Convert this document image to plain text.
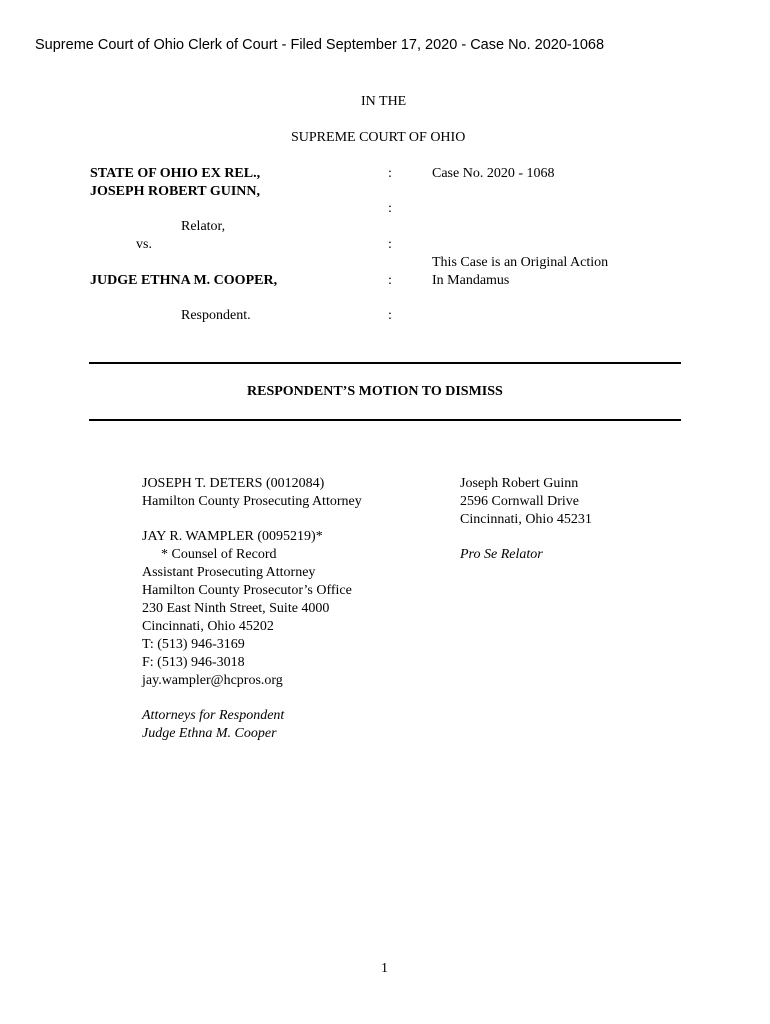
Supreme Court of Ohio Clerk of Court - Filed September 17, 2020 - Case No. 2020-1068
IN THE
SUPREME COURT OF OHIO
STATE OF OHIO EX REL.,
JOSEPH ROBERT GUINN,
Relator,
vs.
JUDGE ETHNA M. COOPER,
Respondent.
:
:
:
:
:
Case No. 2020 - 1068
This Case is an Original Action
In Mandamus
RESPONDENT’S MOTION TO DISMISS
JOSEPH T. DETERS (0012084)
Hamilton County Prosecuting Attorney
JAY R. WAMPLER (0095219)*
* Counsel of Record
Assistant Prosecuting Attorney
Hamilton County Prosecutor’s Office
230 East Ninth Street, Suite 4000
Cincinnati, Ohio 45202
T: (513) 946-3169
F: (513) 946-3018
jay.wampler@hcpros.org
Attorneys for Respondent
Judge Ethna M. Cooper
Joseph Robert Guinn
2596 Cornwall Drive
Cincinnati, Ohio 45231
Pro Se Relator
1
